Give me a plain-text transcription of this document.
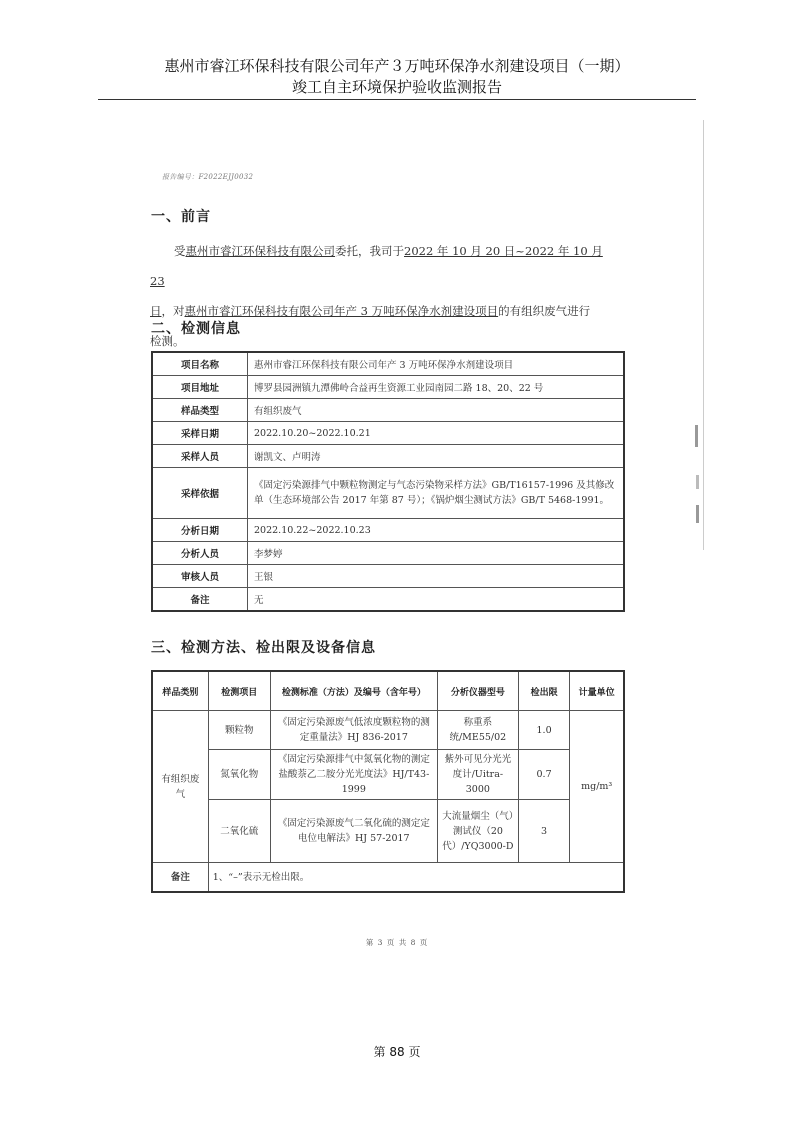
惠州市睿江环保科技有限公司年产３万吨环保净水剂建设项目（一期）
竣工自主环境保护验收监测报告
报告编号：F2022EJJ0032
一、前言
受惠州市睿江环保科技有限公司委托，我司于2022 年 10 月 20 日~2022 年 10 月 23
日，对惠州市睿江环保科技有限公司年产 3 万吨环保净水剂建设项目的有组织废气进行
检测。
二、检测信息
项目名称	惠州市睿江环保科技有限公司年产 3 万吨环保净水剂建设项目
项目地址	博罗县园洲镇九潭佛岭合益再生资源工业园南园二路 18、20、22 号
样品类型	有组织废气
采样日期	2022.10.20~2022.10.21
采样人员	谢凯文、卢明涛
采样依据	《固定污染源排气中颗粒物测定与气态污染物采样方法》GB/T16157-1996 及其修改单（生态环境部公告 2017 年第 87 号）；《锅炉烟尘测试方法》GB/T 5468-1991。
分析日期	2022.10.22~2022.10.23
分析人员	李梦婷
审核人员	王银
备注	无
三、检测方法、检出限及设备信息
样品类别	检测项目	检测标准（方法）及编号（含年号）	分析仪器型号	检出限	计量单位
有组织废气	颗粒物	《固定污染源废气低浓度颗粒物的测定重量法》HJ 836-2017	称重系统/ME55/02	1.0	mg/m³
	氮氧化物	《固定污染源排气中氮氧化物的测定盐酸萘乙二胺分光光度法》HJ/T43-1999	紫外可见分光光度计/Uitra-3000	0.7	
	二氧化硫	《固定污染源废气二氧化硫的测定定电位电解法》HJ 57-2017	大流量烟尘（气）测试仪（20代）/YQ3000-D	3	
备注	1、“–”表示无检出限。				
第 3 页 共 8 页
第 88 页
